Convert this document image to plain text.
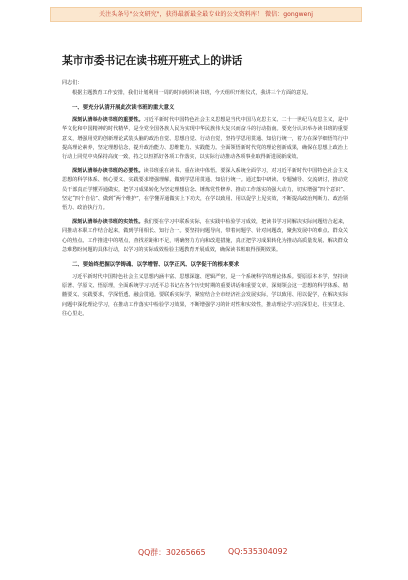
关注头条号"公文研究"，获得最新最全最专业的公文资料库！ 微信：gongwenj
某市市委书记在读书班开班式上的讲话

同志们：

根据主题教育工作安排，我们计划利用一周的时间组织读书班，今天组织开班仪式，我讲三个方面的意见。

一、要充分认清开展此次读书班的重大意义

深刻认清举办读书班的重要性。习近平新时代中国特色社会主义思想是当代中国马克思主义、二十一世纪马克思主义，是中华文化和中国精神的时代精华，是全党全国各族人民为实现中华民族伟大复兴而奋斗的行动指南。要充分认识举办读书班的重要意义，增强用党的创新理论武装头脑的政治自觉、思想自觉、行动自觉，坚持学思用贯通、知信行统一，着力在深学细悟笃行中提高理论素养，坚定理想信念，提升政治能力、思维能力、实践能力。全面领悟新时代党的理论创新成果，确保在思想上政治上行动上同党中央保持高度一致，持之以恒抓好各项工作落实，以实际行动推动各项事业取得新进展新成效。

深刻认清举办读书班的必要性。读书班重在读书、重在读中体悟。要深入系统全面学习，对习近平新时代中国特色社会主义思想的科学体系、核心要义、实践要求增强理解，做到学思用贯通、知信行统一。通过集中研读、专题辅导、交流研讨，推动党员干部真正学懂弄通做实，把学习成果转化为坚定理想信念、锤炼党性修养、推动工作落实的强大动力，切实增强“四个意识”、坚定“四个自信”、做到“两个维护”，在学懂弄通做实上下功夫，在学以致用、用以促学上见实效，不断提高政治判断力、政治领悟力、政治执行力。

深刻认清举办读书班的实效性。我们要在学习中联系实际，在实践中检验学习成效，把读书学习同解决实际问题结合起来，同推动本职工作结合起来，做到学用相长、知行合一。要坚持问题导向，带着问题学、针对问题改，聚焦发展中的难点、群众关心的热点、工作推进中的堵点，查找差距和不足，明确努力方向和改进措施，真正把学习成果转化为推动高质量发展、解决群众急难愁盼问题的具体行动，以学习的实际成效检验主题教育开展成效，确保读书班取得预期效果。

二、要始终把握以学铸魂、以学增智、以学正风、以学促干的根本要求

习近平新时代中国特色社会主义思想内涵丰富、思想深邃、逻辑严密，是一个系统科学的理论体系。要原原本本学，坚持读原著、学原文、悟原理，全面系统学习习近平总书记在各个历史时期的重要讲话和重要文章，深刻领会这一思想的科学体系、精髓要义、实践要求，学深悟透、融会贯通。要联系实际学，紧密结合全市经济社会发展实际，学以致用、用以促学，在解决实际问题中深化理论学习，在推动工作落实中检验学习效果，不断增强学习的针对性和实效性，推动理论学习往深里走、往实里走、往心里走。

QQ群：30265665	QQ:535304092
